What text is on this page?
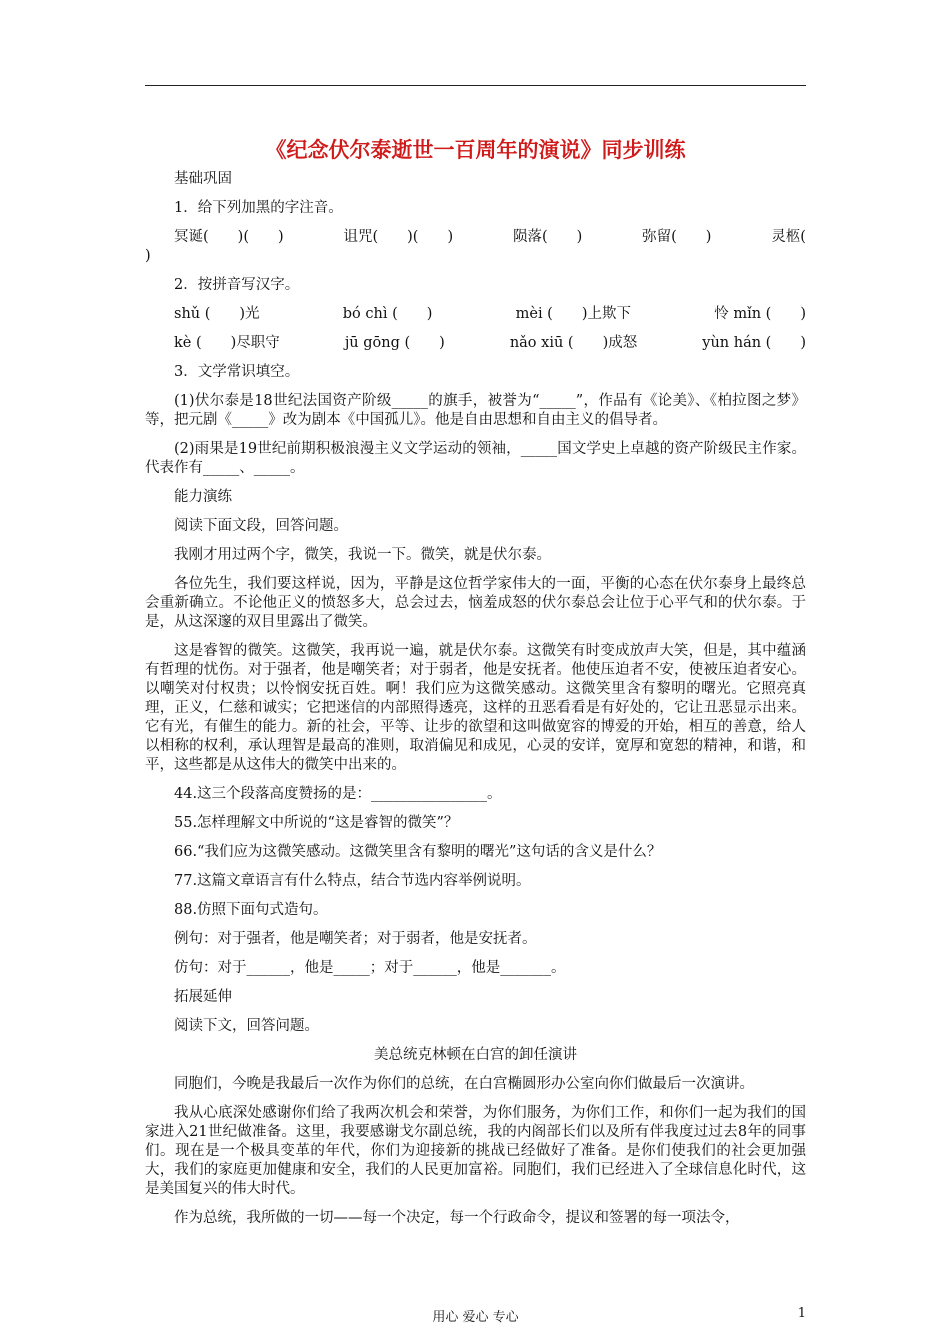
《纪念伏尔泰逝世一百周年的演说》同步训练

基础巩固

1．给下列加黑的字注音。

冥诞(　　)(　　)	诅咒(　　)(　　)	陨落(　　)	弥留(　　)	灵柩(
)

2．按拼音写汉字。

shǔ (　　)光	bó chì (　　)	mèi (　　)上欺下	怜 mǐn (　　)

kè (　　)尽职守	jū gōng (　　)	nǎo xiū (　　)成怒	yùn hán (　　)

3．文学常识填空。

(1)伏尔泰是18世纪法国资产阶级_____的旗手，被誉为“_____”，作品有《论美》、《柏拉图之梦》等，把元剧《_____》改为剧本《中国孤儿》。他是自由思想和自由主义的倡导者。

(2)雨果是19世纪前期积极浪漫主义文学运动的领袖，_____国文学史上卓越的资产阶级民主作家。代表作有_____、_____。

能力演练

阅读下面文段，回答问题。

我刚才用过两个字，微笑，我说一下。微笑，就是伏尔泰。

各位先生，我们要这样说，因为，平静是这位哲学家伟大的一面，平衡的心态在伏尔泰身上最终总会重新确立。不论他正义的愤怒多大，总会过去，恼羞成怒的伏尔泰总会让位于心平气和的伏尔泰。于是，从这深邃的双目里露出了微笑。

这是睿智的微笑。这微笑，我再说一遍，就是伏尔泰。这微笑有时变成放声大笑，但是，其中蕴涵有哲理的忧伤。对于强者，他是嘲笑者；对于弱者，他是安抚者。他使压迫者不安，使被压迫者安心。以嘲笑对付权贵；以怜悯安抚百姓。啊！我们应为这微笑感动。这微笑里含有黎明的曙光。它照亮真理，正义，仁慈和诚实；它把迷信的内部照得透亮，这样的丑恶看看是有好处的，它让丑恶显示出来。它有光，有催生的能力。新的社会，平等、让步的欲望和这叫做宽容的博爱的开始，相互的善意，给人以相称的权利，承认理智是最高的准则，取消偏见和成见，心灵的安详，宽厚和宽恕的精神，和谐，和平，这些都是从这伟大的微笑中出来的。

44.这三个段落高度赞扬的是：________________。

55.怎样理解文中所说的“这是睿智的微笑”？

66.“我们应为这微笑感动。这微笑里含有黎明的曙光”这句话的含义是什么？

77.这篇文章语言有什么特点，结合节选内容举例说明。

88.仿照下面句式造句。

例句：对于强者，他是嘲笑者；对于弱者，他是安抚者。

仿句：对于______，他是_____；对于______，他是_______。

拓展延伸

阅读下文，回答问题。

美总统克林顿在白宫的卸任演讲

同胞们，今晚是我最后一次作为你们的总统，在白宫椭圆形办公室向你们做最后一次演讲。

我从心底深处感谢你们给了我两次机会和荣誉，为你们服务，为你们工作，和你们一起为我们的国家进入21世纪做准备。这里，我要感谢戈尔副总统，我的内阁部长们以及所有伴我度过过去8年的同事们。现在是一个极具变革的年代，你们为迎接新的挑战已经做好了准备。是你们使我们的社会更加强大，我们的家庭更加健康和安全，我们的人民更加富裕。同胞们，我们已经进入了全球信息化时代，这是美国复兴的伟大时代。

作为总统，我所做的一切——每一个决定，每一个行政命令，提议和签署的每一项法令，

用心 爱心 专心	1
